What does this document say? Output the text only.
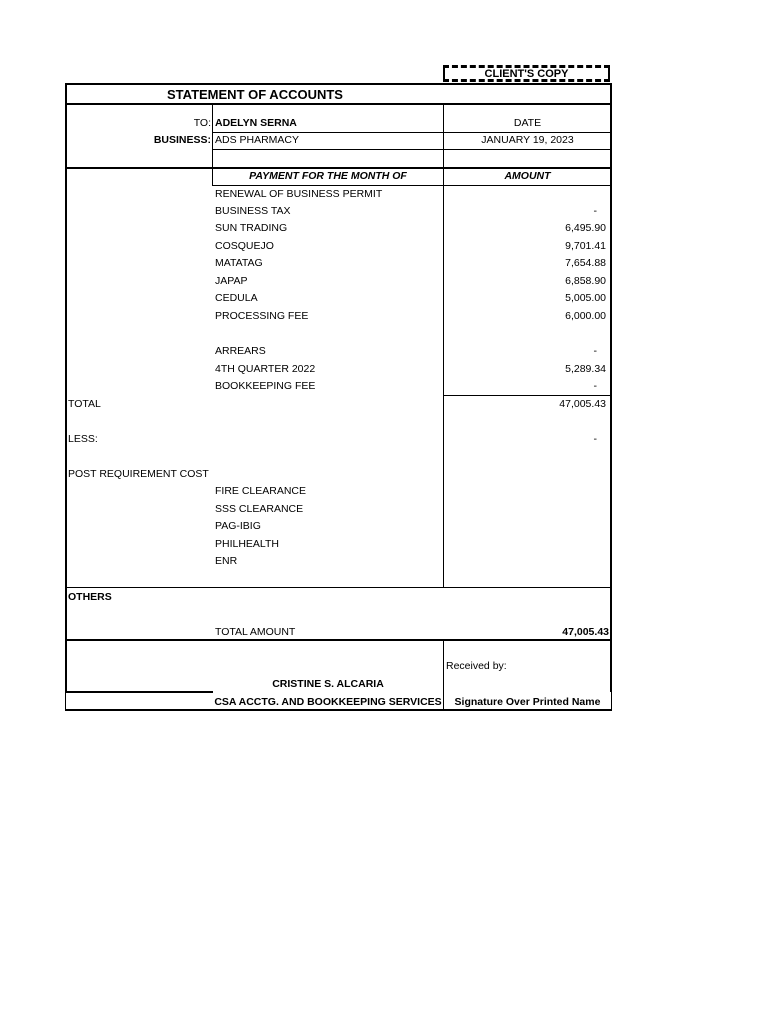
CLIENT'S COPY
STATEMENT OF ACCOUNTS
TO: ADELYN SERNA	DATE
BUSINESS: ADS PHARMACY	JANUARY 19, 2023
PAYMENT FOR THE MONTH OF	AMOUNT
RENEWAL OF BUSINESS PERMIT
BUSINESS TAX	-
SUN TRADING	6,495.90
COSQUEJO	9,701.41
MATATAG	7,654.88
JAPAP	6,858.90
CEDULA	5,005.00
PROCESSING FEE	6,000.00
ARREARS	-
4TH QUARTER 2022	5,289.34
BOOKKEEPING FEE	-
TOTAL	47,005.43
LESS:	-
POST REQUIREMENT COST
FIRE CLEARANCE
SSS CLEARANCE
PAG-IBIG
PHILHEALTH
ENR
OTHERS
TOTAL AMOUNT	47,005.43
Received by:
CRISTINE S. ALCARIA
CSA ACCTG. AND BOOKKEEPING SERVICES	Signature Over Printed Name
